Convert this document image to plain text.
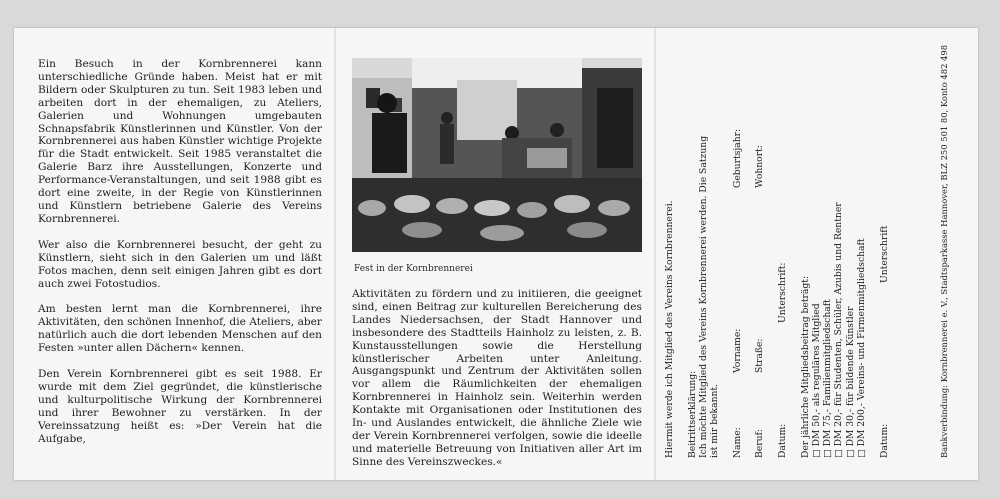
Ein Besuch in der Kornbrennerei kann unterschiedliche Gründe haben. Meist hat er mit Bildern oder Skulpturen zu tun. Seit 1983 leben und arbeiten dort in der ehemaligen, zu Ateliers, Galerien und Wohnungen umgebauten Schnapsfabrik Künstlerinnen und Künstler. Von der Kornbrennerei aus haben Künstler wichtige Projekte für die Stadt entwickelt. Seit 1985 veranstaltet die Galerie Barz ihre Ausstellungen, Konzerte und Performance-Veranstaltungen, und seit 1988 gibt es dort eine zweite, in der Regie von Künstlerinnen und Künstlern betriebene Galerie des Vereins Kornbrennerei.

Wer also die Kornbrennerei besucht, der geht zu Künstlern, sieht sich in den Galerien um und läßt Fotos machen, denn seit einigen Jahren gibt es dort auch zwei Fotostudios.

Am besten lernt man die Kornbrennerei, ihre Aktivitäten, den schönen Innenhof, die Ateliers, aber natürlich auch die dort lebenden Menschen auf den Festen »unter allen Dächern« kennen.

Den Verein Kornbrennerei gibt es seit 1988. Er wurde mit dem Ziel gegründet, die künstlerische und kulturpolitische Wirkung der Kornbrennerei und ihrer Bewohner zu verstärken. In der Vereinssatzung heißt es: »Der Verein hat die Aufgabe,

Fest in der Kornbrennerei

Aktivitäten zu fördern und zu initiieren, die geeignet sind, einen Beitrag zur kulturellen Bereicherung des Landes Niedersachsen, der Stadt Hannover und insbesondere des Stadtteils Hainholz zu leisten, z. B. Kunstausstellungen sowie die Herstellung künstlerischer Arbeiten unter Anleitung. Ausgangspunkt und Zentrum der Aktivitäten sollen vor allem die Räumlichkeiten der ehemaligen Kornbrennerei in Hainholz sein. Weiterhin werden Kontakte mit Organisationen oder Institutionen des In- und Auslandes entwickelt, die ähnliche Ziele wie der Verein Kornbrennerei verfolgen, sowie die ideelle und materielle Betreuung von Initiativen aller Art im Sinne des Vereinszweckes.«

Hiermit werde ich Mitglied des Vereins Kornbrennerei. Beitrittserklärung: Ich möchte Mitglied des Vereins Kornbrennerei werden. Die Satzung ist mir bekannt. Name:
Vorname:
Geburtsjahr:
Beruf:
Straße:
Wohnort:
Datum:
Unterschrift: Der jährliche Mitgliedsbeitrag beträgt: □ DM 50,- als reguläres Mitglied □ DM 75,- Familienmitgliedschaft □ DM 20,- für Studenten, Schüler, Azubis und Rentner □ DM 30,- für bildende Künstler □ DM 200,- Vereins- und Firmenmitgliedschaft Datum:
Unterschrift	Bankverbindung: Kornbrennerei e. V., Stadtsparkasse Hannover, BLZ 250 501 80, Konto 482 498
